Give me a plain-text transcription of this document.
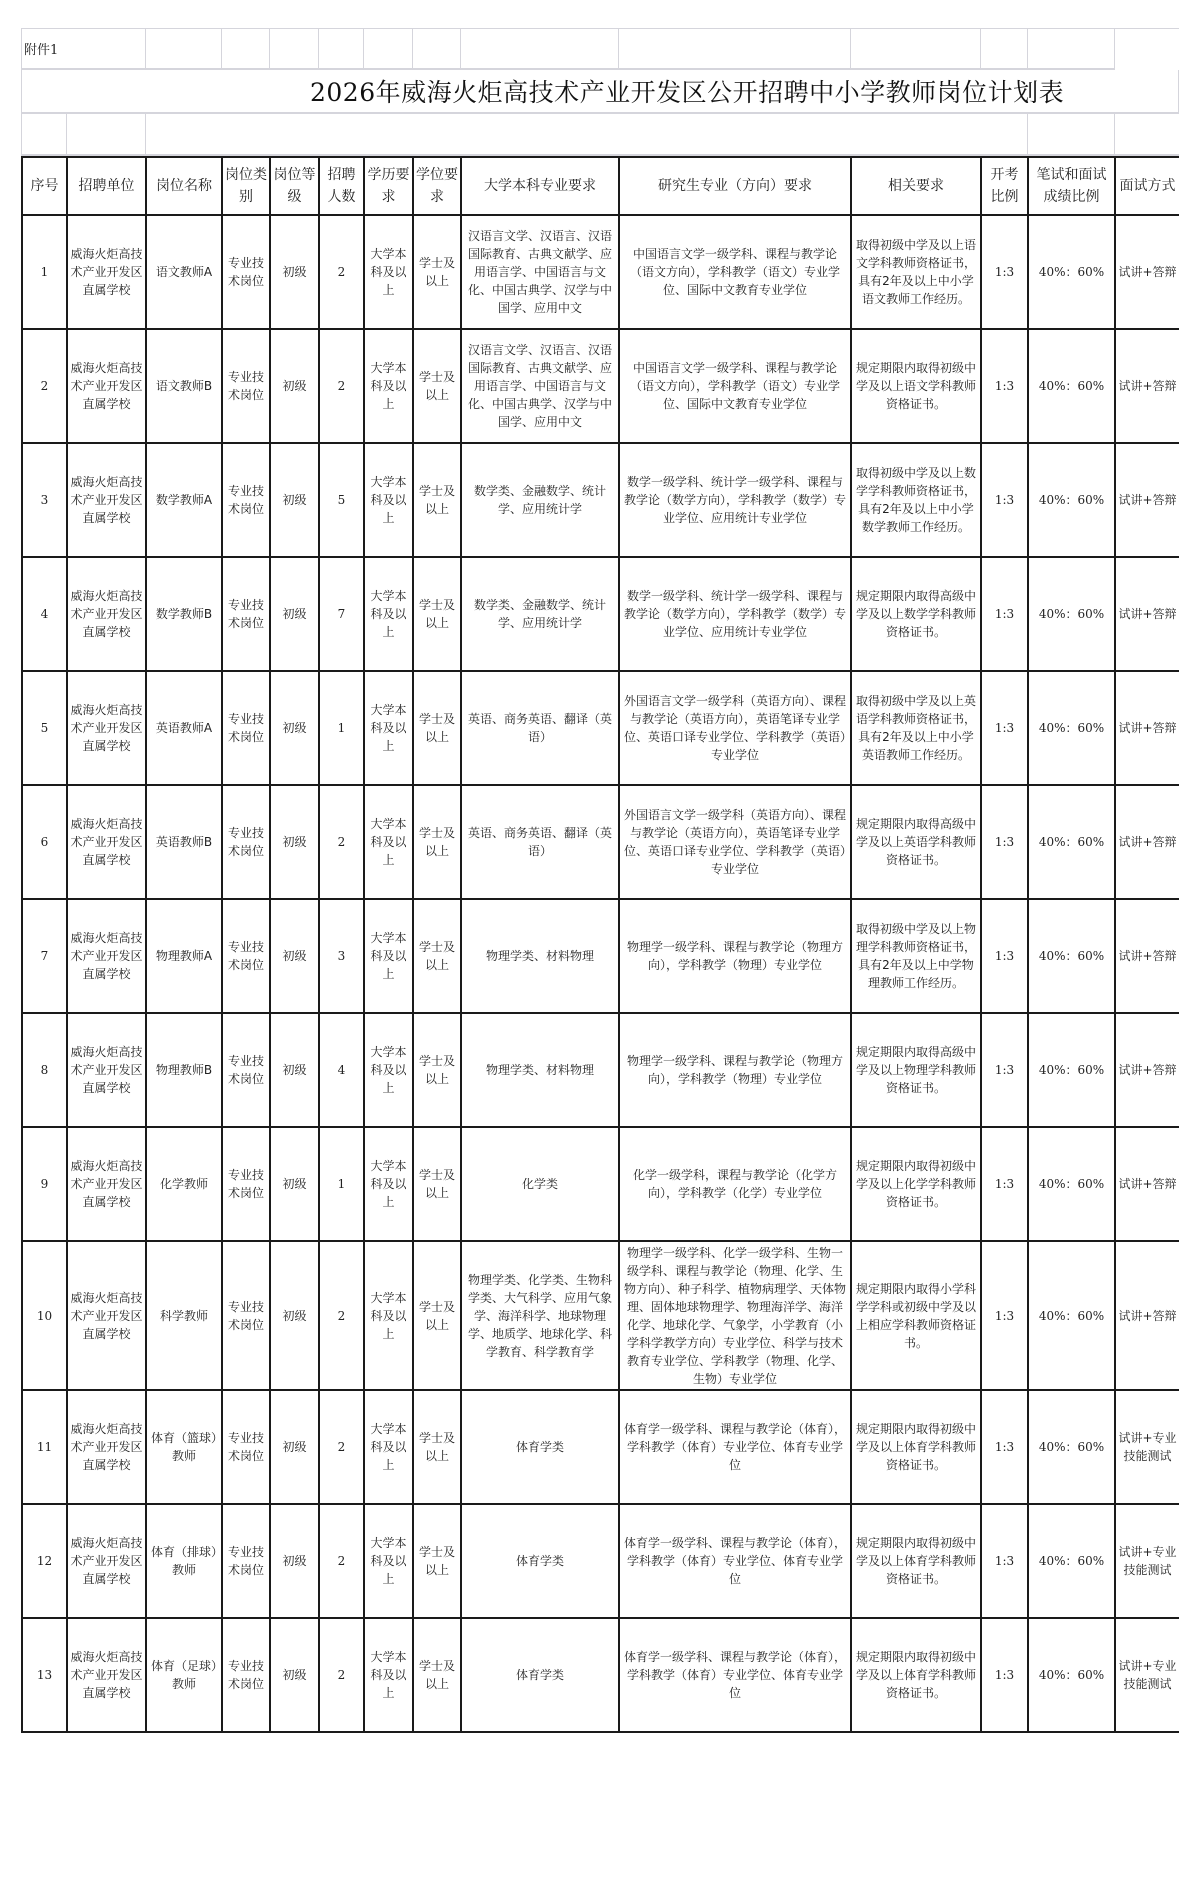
附件1
2026年威海火炬高技术产业开发区公开招聘中小学教师岗位计划表
序号	招聘单位	岗位名称	岗位类别	岗位等级	招聘人数	学历要求	学位要求	大学本科专业要求	研究生专业（方向）要求	相关要求	开考比例	笔试和面试成绩比例	面试方式
1	威海火炬高技术产业开发区直属学校	语文教师A	专业技术岗位	初级	2	大学本科及以上	学士及以上	汉语言文学、汉语言、汉语国际教育、古典文献学、应用语言学、中国语言与文化、中国古典学、汉学与中国学、应用中文	中国语言文学一级学科、课程与教学论（语文方向），学科教学（语文）专业学位、国际中文教育专业学位	取得初级中学及以上语文学科教师资格证书，具有2年及以上中小学语文教师工作经历。	1:3	40%：60%	试讲+答辩
2	威海火炬高技术产业开发区直属学校	语文教师B	专业技术岗位	初级	2	大学本科及以上	学士及以上	汉语言文学、汉语言、汉语国际教育、古典文献学、应用语言学、中国语言与文化、中国古典学、汉学与中国学、应用中文	中国语言文学一级学科、课程与教学论（语文方向），学科教学（语文）专业学位、国际中文教育专业学位	规定期限内取得初级中学及以上语文学科教师资格证书。	1:3	40%：60%	试讲+答辩
3	威海火炬高技术产业开发区直属学校	数学教师A	专业技术岗位	初级	5	大学本科及以上	学士及以上	数学类、金融数学、统计学、应用统计学	数学一级学科、统计学一级学科、课程与教学论（数学方向），学科教学（数学）专业学位、应用统计专业学位	取得初级中学及以上数学学科教师资格证书，具有2年及以上中小学数学教师工作经历。	1:3	40%：60%	试讲+答辩
4	威海火炬高技术产业开发区直属学校	数学教师B	专业技术岗位	初级	7	大学本科及以上	学士及以上	数学类、金融数学、统计学、应用统计学	数学一级学科、统计学一级学科、课程与教学论（数学方向），学科教学（数学）专业学位、应用统计专业学位	规定期限内取得高级中学及以上数学学科教师资格证书。	1:3	40%：60%	试讲+答辩
5	威海火炬高技术产业开发区直属学校	英语教师A	专业技术岗位	初级	1	大学本科及以上	学士及以上	英语、商务英语、翻译（英语）	外国语言文学一级学科（英语方向）、课程与教学论（英语方向），英语笔译专业学位、英语口译专业学位、学科教学（英语）专业学位	取得初级中学及以上英语学科教师资格证书，具有2年及以上中小学英语教师工作经历。	1:3	40%：60%	试讲+答辩
6	威海火炬高技术产业开发区直属学校	英语教师B	专业技术岗位	初级	2	大学本科及以上	学士及以上	英语、商务英语、翻译（英语）	外国语言文学一级学科（英语方向）、课程与教学论（英语方向），英语笔译专业学位、英语口译专业学位、学科教学（英语）专业学位	规定期限内取得高级中学及以上英语学科教师资格证书。	1:3	40%：60%	试讲+答辩
7	威海火炬高技术产业开发区直属学校	物理教师A	专业技术岗位	初级	3	大学本科及以上	学士及以上	物理学类、材料物理	物理学一级学科、课程与教学论（物理方向），学科教学（物理）专业学位	取得初级中学及以上物理学科教师资格证书，具有2年及以上中学物理教师工作经历。	1:3	40%：60%	试讲+答辩
8	威海火炬高技术产业开发区直属学校	物理教师B	专业技术岗位	初级	4	大学本科及以上	学士及以上	物理学类、材料物理	物理学一级学科、课程与教学论（物理方向），学科教学（物理）专业学位	规定期限内取得高级中学及以上物理学科教师资格证书。	1:3	40%：60%	试讲+答辩
9	威海火炬高技术产业开发区直属学校	化学教师	专业技术岗位	初级	1	大学本科及以上	学士及以上	化学类	化学一级学科，课程与教学论（化学方向），学科教学（化学）专业学位	规定期限内取得初级中学及以上化学学科教师资格证书。	1:3	40%：60%	试讲+答辩
10	威海火炬高技术产业开发区直属学校	科学教师	专业技术岗位	初级	2	大学本科及以上	学士及以上	物理学类、化学类、生物科学类、大气科学、应用气象学、海洋科学、地球物理学、地质学、地球化学、科学教育、科学教育学	物理学一级学科、化学一级学科、生物一级学科、课程与教学论（物理、化学、生物方向）、种子科学、植物病理学、天体物理、固体地球物理学、物理海洋学、海洋化学、地球化学、气象学，小学教育（小学科学教学方向）专业学位、科学与技术教育专业学位、学科教学（物理、化学、生物）专业学位	规定期限内取得小学科学学科或初级中学及以上相应学科教师资格证书。	1:3	40%：60%	试讲+答辩
11	威海火炬高技术产业开发区直属学校	体育（篮球）教师	专业技术岗位	初级	2	大学本科及以上	学士及以上	体育学类	体育学一级学科、课程与教学论（体育），学科教学（体育）专业学位、体育专业学位	规定期限内取得初级中学及以上体育学科教师资格证书。	1:3	40%：60%	试讲+专业技能测试
12	威海火炬高技术产业开发区直属学校	体育（排球）教师	专业技术岗位	初级	2	大学本科及以上	学士及以上	体育学类	体育学一级学科、课程与教学论（体育），学科教学（体育）专业学位、体育专业学位	规定期限内取得初级中学及以上体育学科教师资格证书。	1:3	40%：60%	试讲+专业技能测试
13	威海火炬高技术产业开发区直属学校	体育（足球）教师	专业技术岗位	初级	2	大学本科及以上	学士及以上	体育学类	体育学一级学科、课程与教学论（体育），学科教学（体育）专业学位、体育专业学位	规定期限内取得初级中学及以上体育学科教师资格证书。	1:3	40%：60%	试讲+专业技能测试
